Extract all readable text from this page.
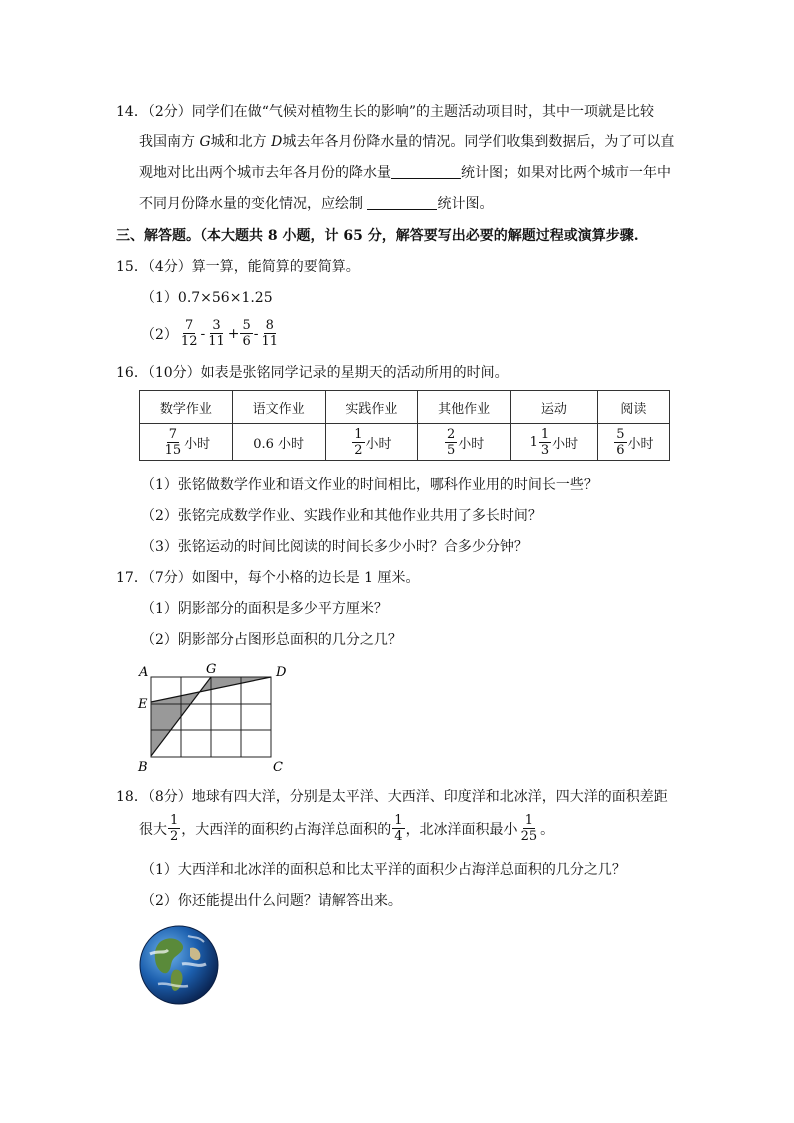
14．（2分）同学们在做“气候对植物生长的影响”的主题活动项目时，其中一项就是比较
我国南方 G城和北方 D城去年各月份降水量的情况。同学们收集到数据后，为了可以直
观地对比出两个城市去年各月份的降水量	统计图；如果对比两个城市一年中
不同月份降水量的变化情况，应绘制	统计图。
三、解答题。（本大题共 8 小题，计 65 分，解答要写出必要的解题过程或演算步骤.
15．（4分）算一算，能简算的要简算。
（1）0.7×56×1.25
$(2) \frac{7}{12} - \frac{3}{11} + \frac{5}{6} - \frac{8}{11}$
16．（10分）如表是张铭同学记录的星期天的活动所用的时间。
数学作业	语文作业	实践作业	其他作业	运动	阅读

$\frac{7}{15}$ 小时	0.6 小时	$\frac{1}{2}$ 小时	$\frac{2}{5}$ 小时	$1 \frac{1}{3}$ 小时	$\frac{5}{6}$ 小时
（1）张铭做数学作业和语文作业的时间相比，哪科作业用的时间长一些？
（2）张铭完成数学作业、实践作业和其他作业共用了多长时间？
（3）张铭运动的时间比阅读的时间长多少小时？合多少分钟？
17．（7分）如图中，每个小格的边长是 1 厘米。
（1）阴影部分的面积是多少平方厘米？
（2）阴影部分占图形总面积的几分之几？
A	G	D
E
B	C
18．（8分）地球有四大洋，分别是太平洋、大西洋、印度洋和北冰洋，四大洋的面积差距
很大 $\frac{1}{2}$ ，大西洋的面积约占海洋总面积的 $\frac{1}{4}$ ，北冰洋面积最小 $\frac{1}{25}$ 。
（1）大西洋和北冰洋的面积总和比太平洋的面积少占海洋总面积的几分之几？
（2）你还能提出什么问题？请解答出来。
